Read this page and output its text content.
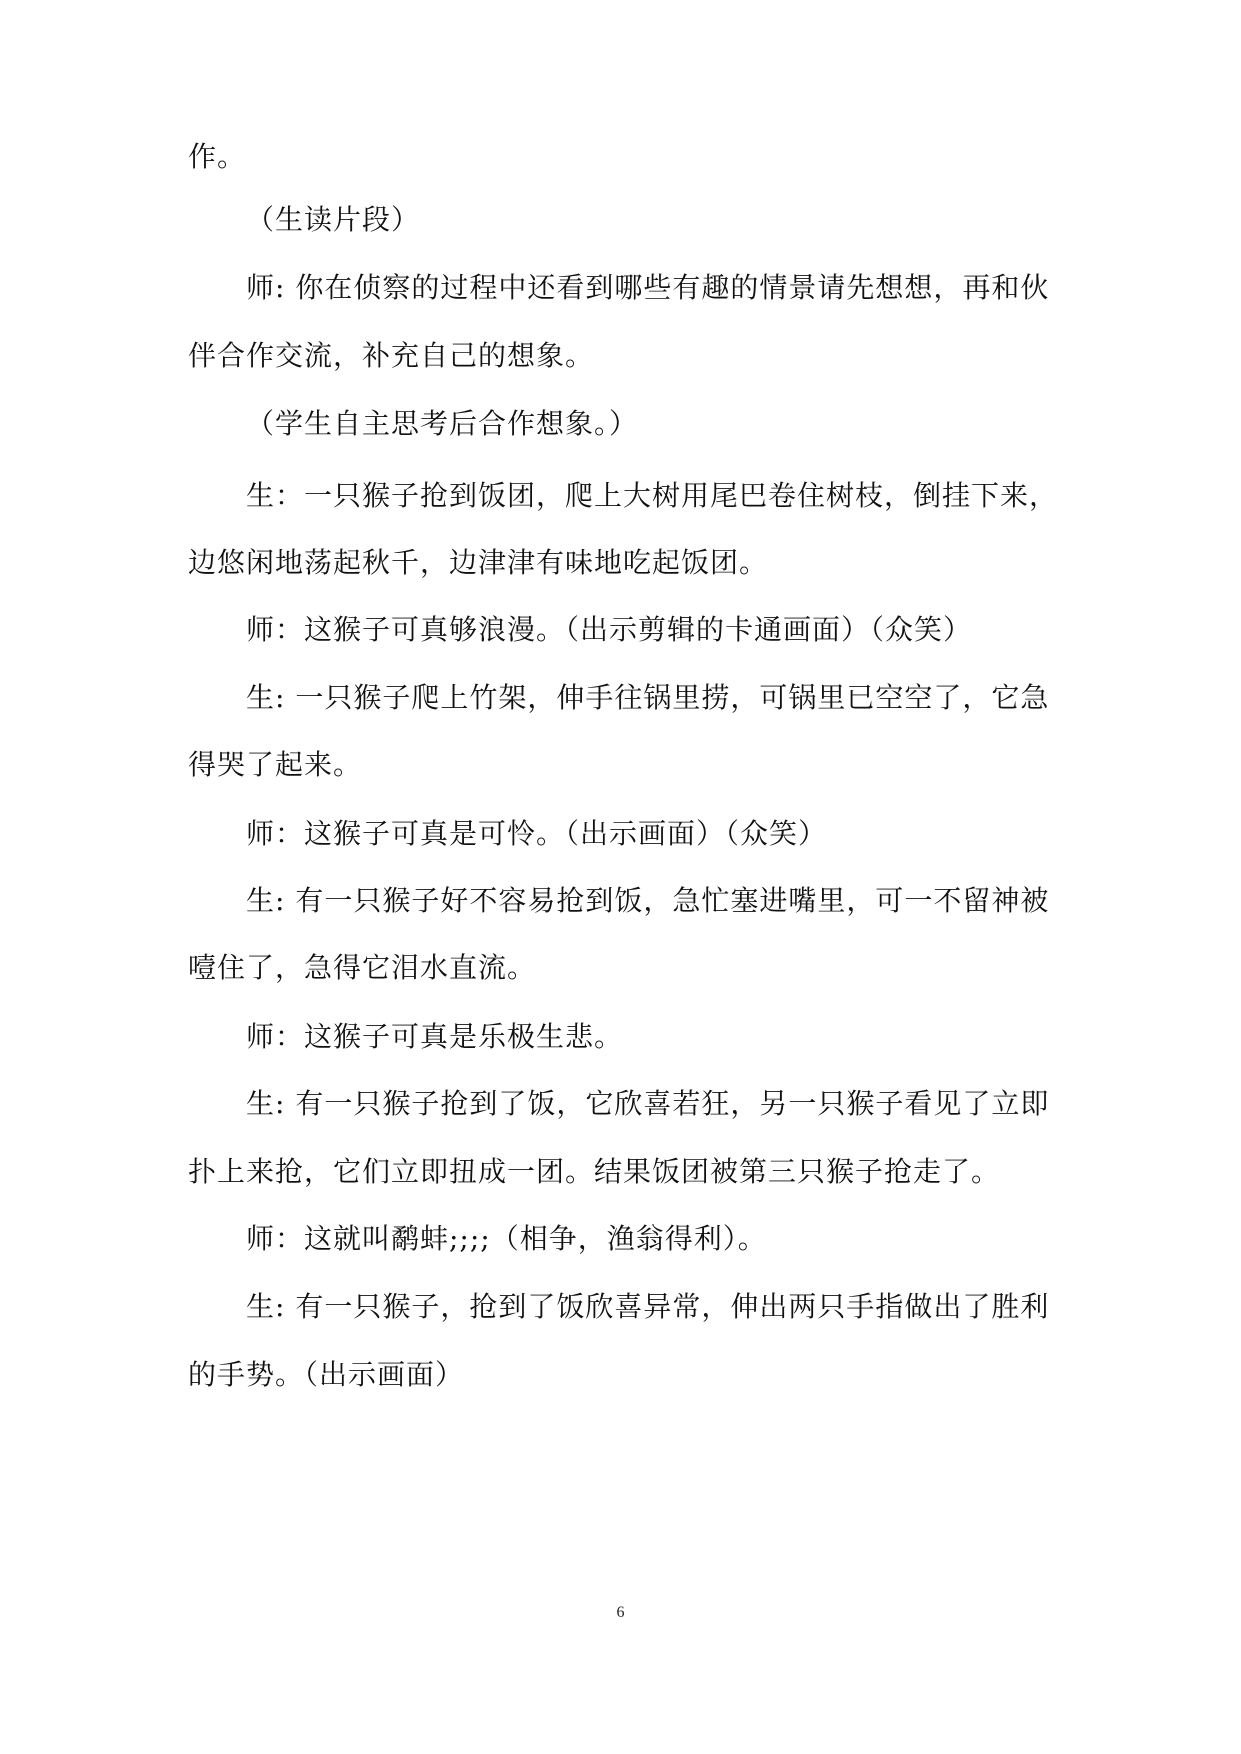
作。
（生读片段）
师: 你在侦察的过程中还看到哪些有趣的情景请先想想，再和伙
伴合作交流，补充自己的想象。
（学生自主思考后合作想象。）
生：一只猴子抢到饭团，爬上大树用尾巴卷住树枝，倒挂下来，
边悠闲地荡起秋千，边津津有味地吃起饭团。
师：这猴子可真够浪漫。（出示剪辑的卡通画面）（众笑）
生: 一只猴子爬上竹架，伸手往锅里捞，可锅里已空空了，它急
得哭了起来。
师：这猴子可真是可怜。（出示画面）（众笑）
生: 有一只猴子好不容易抢到饭，急忙塞进嘴里，可一不留神被
噎住了，急得它泪水直流。
师：这猴子可真是乐极生悲。
生: 有一只猴子抢到了饭，它欣喜若狂，另一只猴子看见了立即
扑上来抢，它们立即扭成一团。结果饭团被第三只猴子抢走了。
师：这就叫鹬蚌;;;;（相争，渔翁得利）。
生: 有一只猴子，抢到了饭欣喜异常，伸出两只手指做出了胜利
的手势。（出示画面）
6
